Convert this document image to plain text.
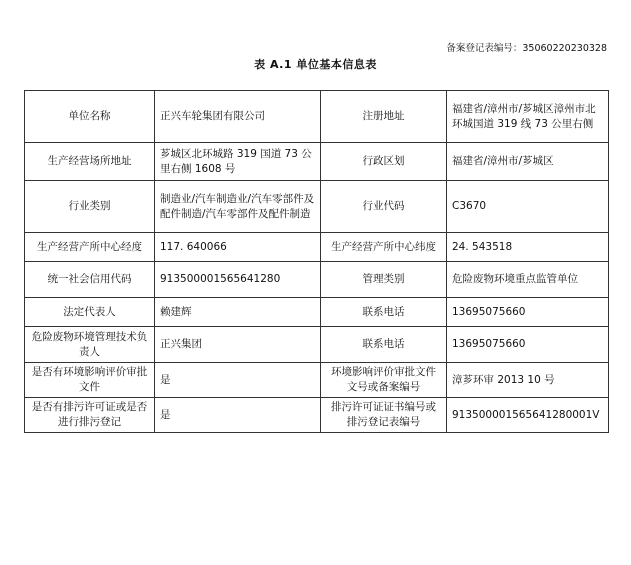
备案登记表编号：35060220230328
表 A.1 单位基本信息表
单位名称	正兴车轮集团有限公司	注册地址	福建省/漳州市/芗城区漳州市北环城国道 319 线 73 公里右侧
生产经营场所地址	芗城区北环城路 319 国道 73 公里右侧 1608 号	行政区划	福建省/漳州市/芗城区
行业类别	制造业/汽车制造业/汽车零部件及配件制造/汽车零部件及配件制造	行业代码	C3670
生产经营产所中心经度	117. 640066	生产经营产所中心纬度	24. 543518
统一社会信用代码	913500001565641280	管理类别	危险废物环境重点监管单位
法定代表人	赖建辉	联系电话	13695075660
危险废物环境管理技术负责人	正兴集团	联系电话	13695075660
是否有环境影响评价审批文件	是	环境影响评价审批文件文号或备案编号	漳芗环审 2013 10 号
是否有排污许可证或是否进行排污登记	是	排污许可证证书编号或排污登记表编号	913500001565641280001V
